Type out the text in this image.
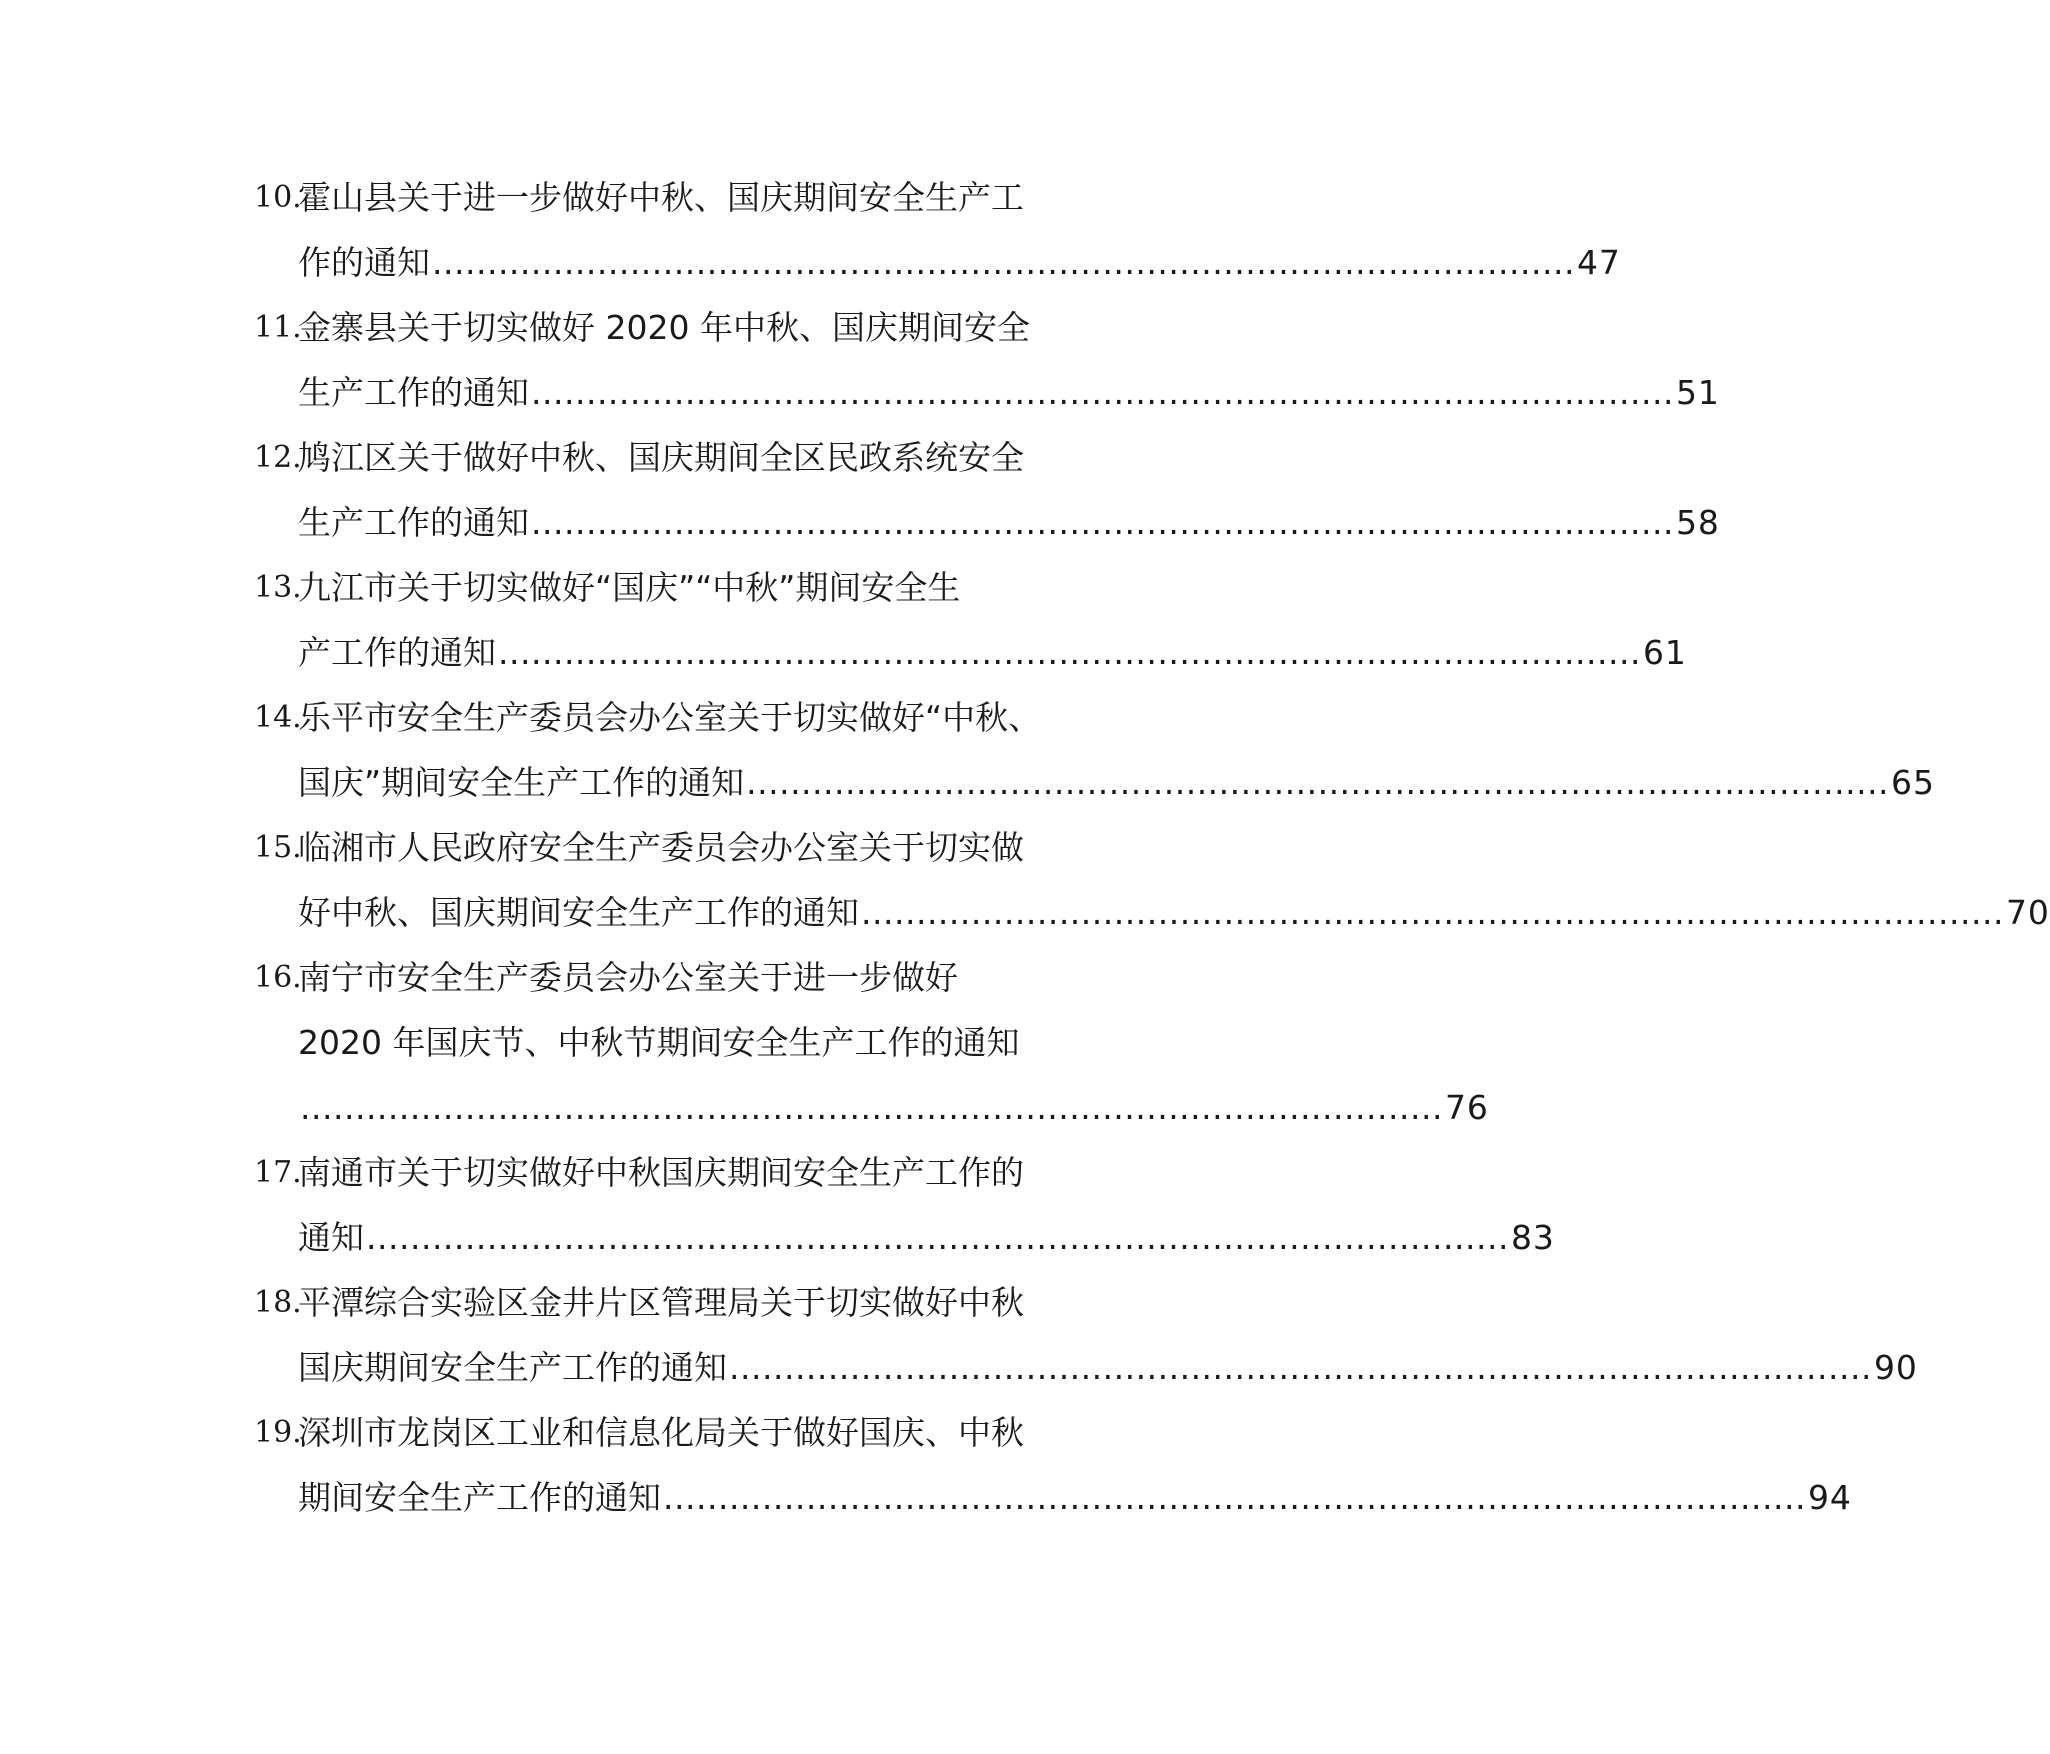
10.
霍山县关于进一步做好中秋、国庆期间安全生产工
作的通知 ........................................................................................................ 47
11.
金寨县关于切实做好 2020 年中秋、国庆期间安全
生产工作的通知 ........................................................................................................ 51
12.
鸠江区关于做好中秋、国庆期间全区民政系统安全
生产工作的通知 ........................................................................................................ 58
13.
九江市关于切实做好“国庆”“中秋”期间安全生
产工作的通知 ........................................................................................................ 61
14.
乐平市安全生产委员会办公室关于切实做好“中秋、
国庆”期间安全生产工作的通知 ........................................................................................................ 65
15.
临湘市人民政府安全生产委员会办公室关于切实做
好中秋、国庆期间安全生产工作的通知 ........................................................................................................ 70
16.
南宁市安全生产委员会办公室关于进一步做好
2020 年国庆节、中秋节期间安全生产工作的通知
........................................................................................................ 76
17.
南通市关于切实做好中秋国庆期间安全生产工作的
通知 ........................................................................................................ 83
18.
平潭综合实验区金井片区管理局关于切实做好中秋
国庆期间安全生产工作的通知 ........................................................................................................ 90
19.
深圳市龙岗区工业和信息化局关于做好国庆、中秋
期间安全生产工作的通知 ........................................................................................................ 94
